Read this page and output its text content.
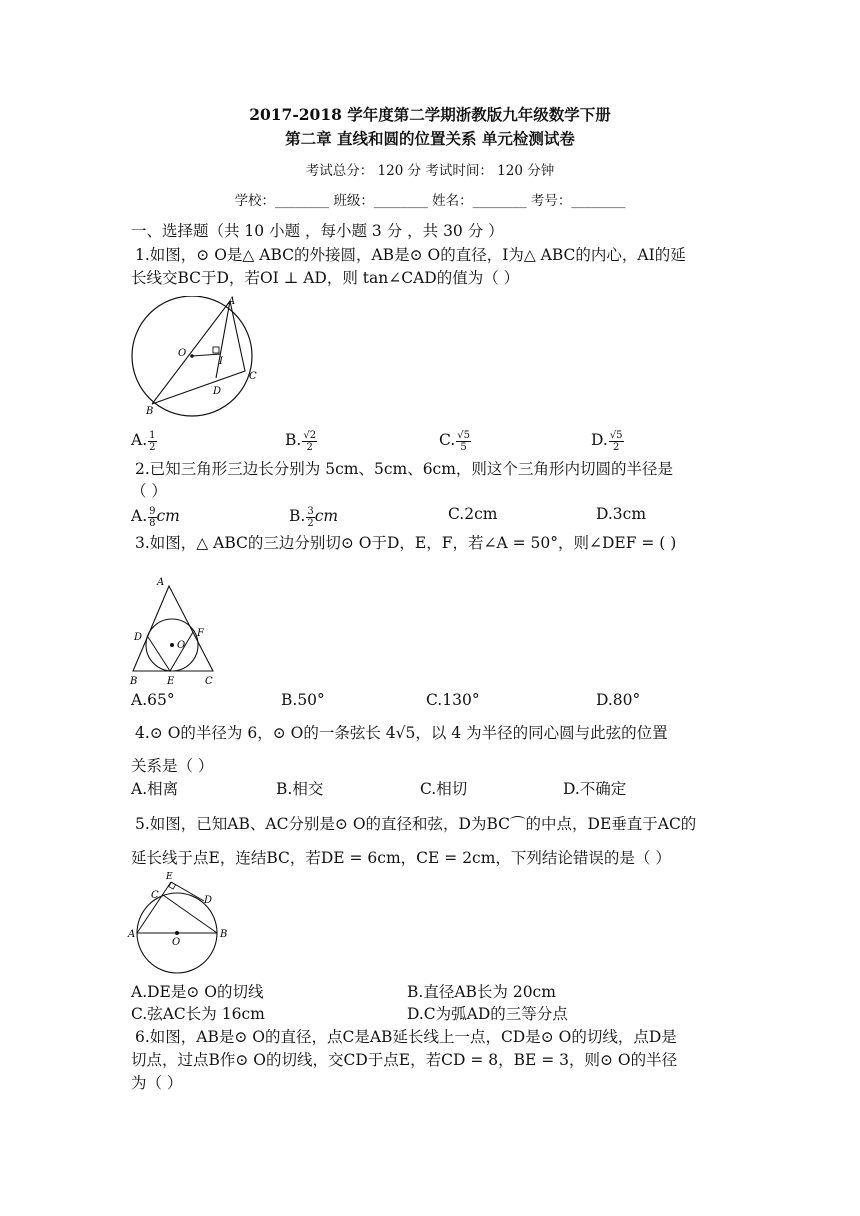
2017-2018 学年度第二学期浙教版九年级数学下册
第二章 直线和圆的位置关系 单元检测试卷
考试总分： 120 分 考试时间： 120 分钟
学校：________ 班级：________ 姓名：________ 考号：________
一、选择题（共 10 小题 ，每小题 3 分 ，共 30 分 ）
1.如图，⊙ O是△ ABC的外接圆，AB是⊙ O的直径，I为△ ABC的内心，AI的延
长线交BC于D，若OI ⊥ AD，则 tan∠CAD的值为（ ）
A
O
I
C
D
B
A. $\frac{1}{2}$	B. $\frac{√2}{2}$	C. $\frac{√5}{5}$	D. $\frac{√5}{2}$
2.已知三角形三边长分别为 5cm、5cm、6cm，则这个三角形内切圆的半径是
（ ）
A. $\frac{9}{8}$ cm	B. $\frac{3}{2}$ cm	C.2cm	D.3cm
3.如图，△ ABC的三边分别切⊙ O于D，E，F，若∠A = 50°，则∠DEF = ( )
A
D	F
O
B	E	C
A.65°	B.50°	C.130°	D.80°
4.⊙ O的半径为 6，⊙ O的一条弦长 4√5，以 4 为半径的同心圆与此弦的位置
关系是（ ）
A.相离	B.相交	C.相切	D.不确定
5.如图，已知AB、AC分别是⊙ O的直径和弦，D为BC⌒的中点，DE垂直于AC的
延长线于点E，连结BC，若DE = 6cm，CE = 2cm，下列结论错误的是（ ）
E
C	D
A
O
B
A.DE是⊙ O的切线	B.直径AB长为 20cm
C.弦AC长为 16cm	D.C为弧AD的三等分点
6.如图，AB是⊙ O的直径，点C是AB延长线上一点，CD是⊙ O的切线，点D是
切点，过点B作⊙ O的切线，交CD于点E，若CD = 8，BE = 3，则⊙ O的半径
为（ ）
